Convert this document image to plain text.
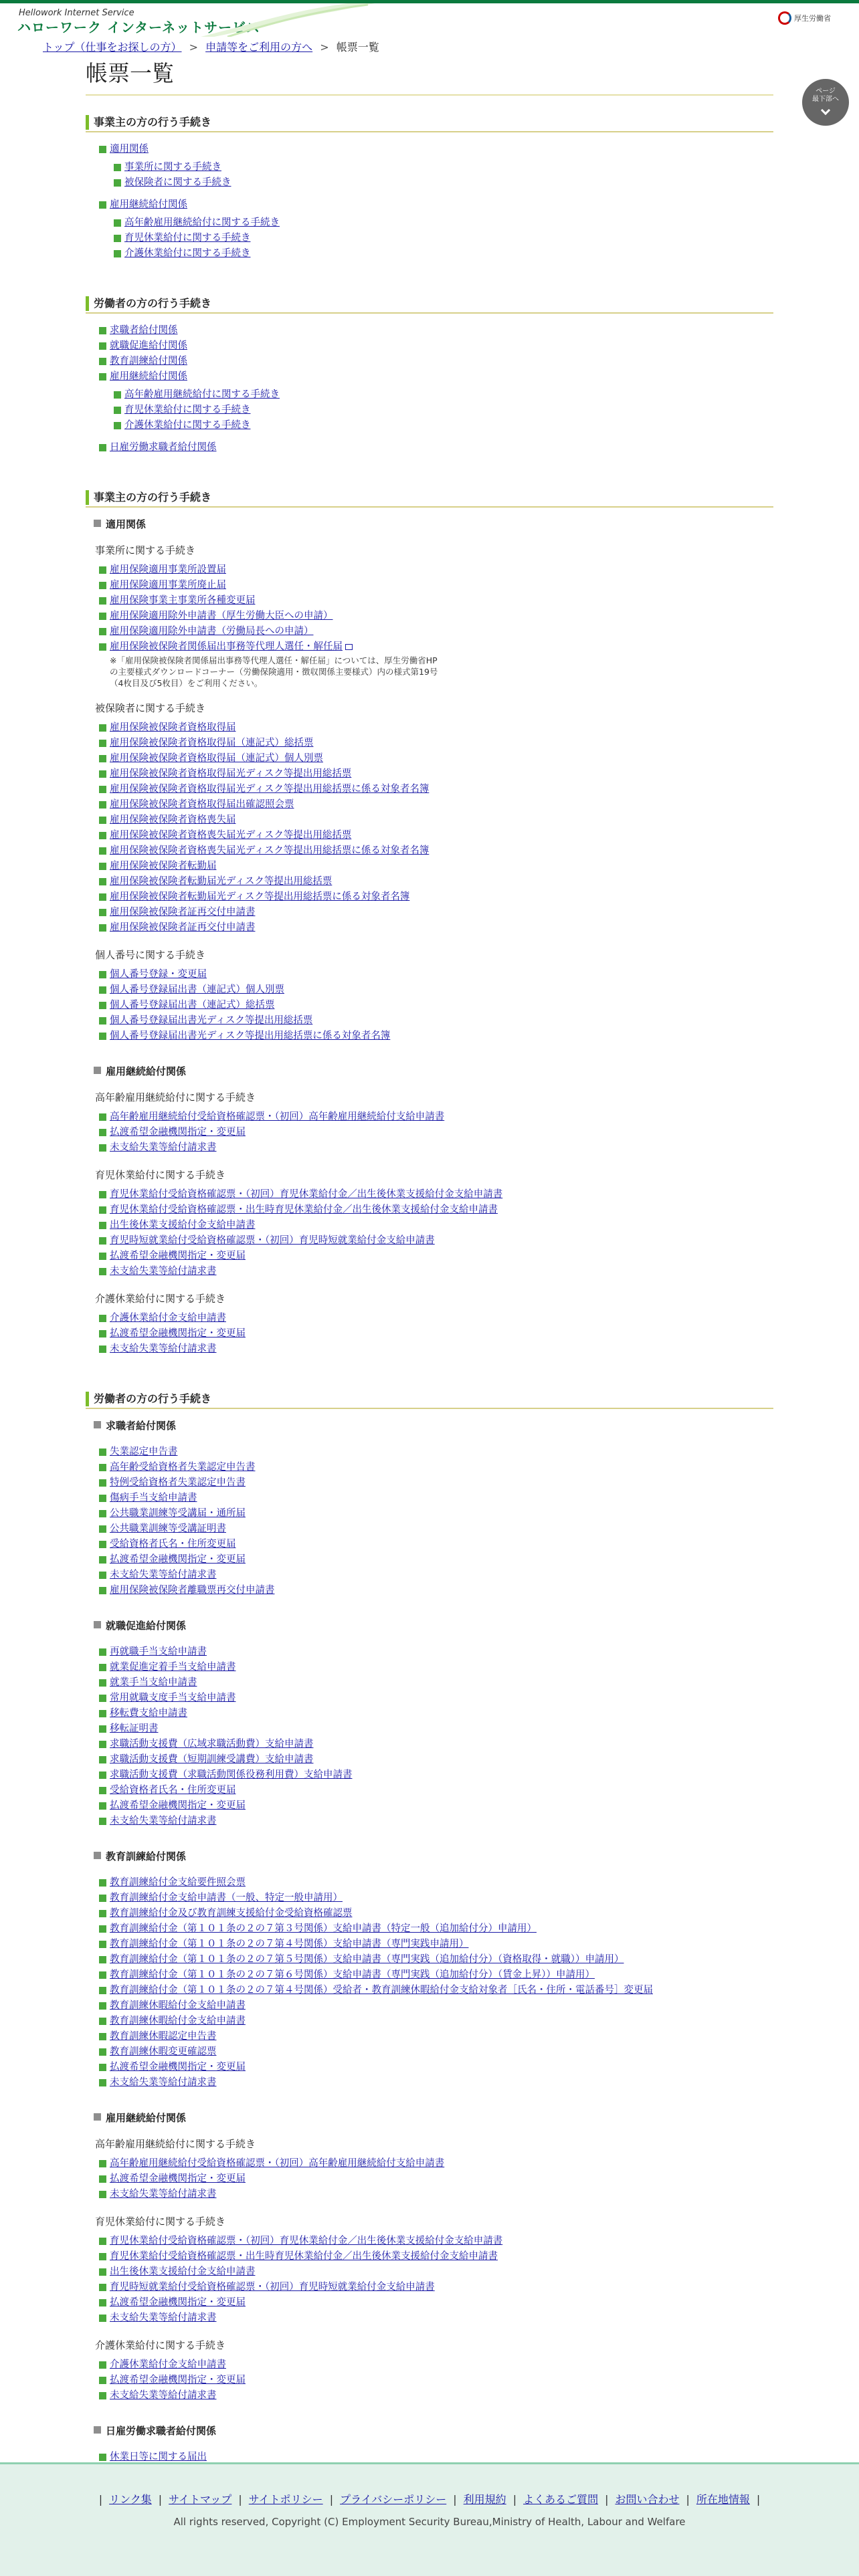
Hellowork Internet Service
ハローワーク インターネットサービス
厚生労働省
トップ（仕事をお探しの方） > 申請等をご利用の方へ > 帳票一覧
帳票一覧
ページ
最下部へ
事業主の方の行う手続き
適用関係
事業所に関する手続き
被保険者に関する手続き
雇用継続給付関係
高年齢雇用継続給付に関する手続き
育児休業給付に関する手続き
介護休業給付に関する手続き
労働者の方の行う手続き
求職者給付関係
就職促進給付関係
教育訓練給付関係
雇用継続給付関係
高年齢雇用継続給付に関する手続き
育児休業給付に関する手続き
介護休業給付に関する手続き
日雇労働求職者給付関係
事業主の方の行う手続き
適用関係
事業所に関する手続き
雇用保険適用事業所設置届
雇用保険適用事業所廃止届
雇用保険事業主事業所各種変更届
雇用保険適用除外申請書（厚生労働大臣への申請）
雇用保険適用除外申請書（労働局長への申請）
雇用保険被保険者関係届出事務等代理人選任・解任届
※「雇用保険被保険者関係届出事務等代理人選任・解任届」については、厚生労働省HP
の主要様式ダウンロードコーナー（労働保険適用・徴収関係主要様式）内の様式第19号
（4枚目及び5枚目）をご利用ください。
被保険者に関する手続き
雇用保険被保険者資格取得届
雇用保険被保険者資格取得届（連記式）総括票
雇用保険被保険者資格取得届（連記式）個人別票
雇用保険被保険者資格取得届光ディスク等提出用総括票
雇用保険被保険者資格取得届光ディスク等提出用総括票に係る対象者名簿
雇用保険被保険者資格取得届出確認照会票
雇用保険被保険者資格喪失届
雇用保険被保険者資格喪失届光ディスク等提出用総括票
雇用保険被保険者資格喪失届光ディスク等提出用総括票に係る対象者名簿
雇用保険被保険者転勤届
雇用保険被保険者転勤届光ディスク等提出用総括票
雇用保険被保険者転勤届光ディスク等提出用総括票に係る対象者名簿
雇用保険被保険者証再交付申請書
雇用保険被保険者証再交付申請書
個人番号に関する手続き
個人番号登録・変更届
個人番号登録届出書（連記式）個人別票
個人番号登録届出書（連記式）総括票
個人番号登録届出書光ディスク等提出用総括票
個人番号登録届出書光ディスク等提出用総括票に係る対象者名簿
雇用継続給付関係
高年齢雇用継続給付に関する手続き
高年齢雇用継続給付受給資格確認票・（初回）高年齢雇用継続給付支給申請書
払渡希望金融機関指定・変更届
未支給失業等給付請求書
育児休業給付に関する手続き
育児休業給付受給資格確認票・（初回）育児休業給付金／出生後休業支援給付金支給申請書
育児休業給付受給資格確認票・出生時育児休業給付金／出生後休業支援給付金支給申請書
出生後休業支援給付金支給申請書
育児時短就業給付受給資格確認票・（初回）育児時短就業給付金支給申請書
払渡希望金融機関指定・変更届
未支給失業等給付請求書
介護休業給付に関する手続き
介護休業給付金支給申請書
払渡希望金融機関指定・変更届
未支給失業等給付請求書
労働者の方の行う手続き
求職者給付関係
失業認定申告書
高年齢受給資格者失業認定申告書
特例受給資格者失業認定申告書
傷病手当支給申請書
公共職業訓練等受講届・通所届
公共職業訓練等受講証明書
受給資格者氏名・住所変更届
払渡希望金融機関指定・変更届
未支給失業等給付請求書
雇用保険被保険者離職票再交付申請書
就職促進給付関係
再就職手当支給申請書
就業促進定着手当支給申請書
就業手当支給申請書
常用就職支度手当支給申請書
移転費支給申請書
移転証明書
求職活動支援費（広域求職活動費）支給申請書
求職活動支援費（短期訓練受講費）支給申請書
求職活動支援費（求職活動関係役務利用費）支給申請書
受給資格者氏名・住所変更届
払渡希望金融機関指定・変更届
未支給失業等給付請求書
教育訓練給付関係
教育訓練給付金支給要件照会票
教育訓練給付金支給申請書（一般、特定一般申請用）
教育訓練給付金及び教育訓練支援給付金受給資格確認票
教育訓練給付金（第１０１条の２の７第３号関係）支給申請書（特定一般（追加給付分）申請用）
教育訓練給付金（第１０１条の２の７第４号関係）支給申請書（専門実践申請用）
教育訓練給付金（第１０１条の２の７第５号関係）支給申請書（専門実践（追加給付分）（資格取得・就職））申請用）
教育訓練給付金（第１０１条の２の７第６号関係）支給申請書（専門実践（追加給付分）（賃金上昇））申請用）
教育訓練給付金（第１０１条の２の７第４号関係）受給者・教育訓練休暇給付金支給対象者［氏名・住所・電話番号］変更届
教育訓練休暇給付金支給申請書
教育訓練休暇給付金支給申請書
教育訓練休暇認定申告書
教育訓練休暇変更確認票
払渡希望金融機関指定・変更届
未支給失業等給付請求書
雇用継続給付関係
高年齢雇用継続給付に関する手続き
高年齢雇用継続給付受給資格確認票・（初回）高年齢雇用継続給付支給申請書
払渡希望金融機関指定・変更届
未支給失業等給付請求書
育児休業給付に関する手続き
育児休業給付受給資格確認票・（初回）育児休業給付金／出生後休業支援給付金支給申請書
育児休業給付受給資格確認票・出生時育児休業給付金／出生後休業支援給付金支給申請書
出生後休業支援給付金支給申請書
育児時短就業給付受給資格確認票・（初回）育児時短就業給付金支給申請書
払渡希望金融機関指定・変更届
未支給失業等給付請求書
介護休業給付に関する手続き
介護休業給付金支給申請書
払渡希望金融機関指定・変更届
未支給失業等給付請求書
日雇労働求職者給付関係
休業日等に関する届出
| リンク集 | サイトマップ | サイトポリシー | プライバシーポリシー | 利用規約 | よくあるご質問 | お問い合わせ | 所在地情報 |
All rights reserved, Copyright (C) Employment Security Bureau,Ministry of Health, Labour and Welfare
